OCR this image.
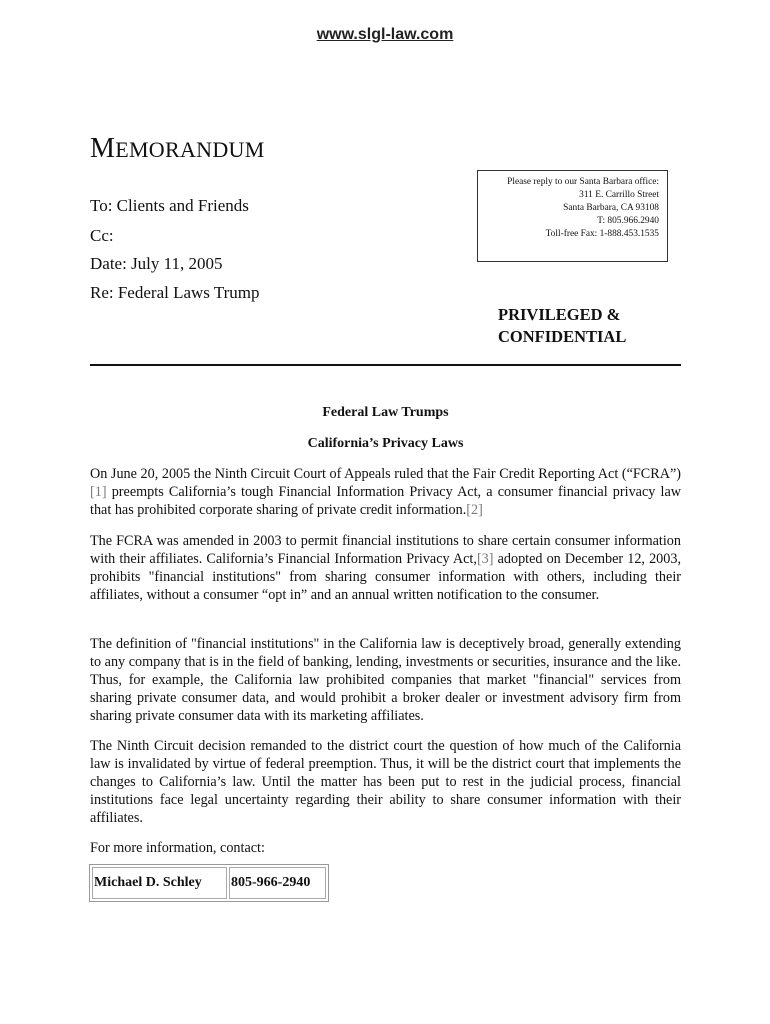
www.slgl-law.com
MEMORANDUM
To: Clients and Friends
Cc:
Date: July 11, 2005
Re: Federal Laws Trump
Please reply to our Santa Barbara office:
311 E. Carrillo Street
Santa Barbara, CA 93108
T: 805.966.2940
Toll-free Fax: 1-888.453.1535
PRIVILEGED &
CONFIDENTIAL
Federal Law Trumps
California’s Privacy Laws
On June 20, 2005 the Ninth Circuit Court of Appeals ruled that the Fair Credit Reporting Act (“FCRA”)[1] preempts California’s tough Financial Information Privacy Act, a consumer financial privacy law that has prohibited corporate sharing of private credit information.[2]
The FCRA was amended in 2003 to permit financial institutions to share certain consumer information with their affiliates. California’s Financial Information Privacy Act,[3] adopted on December 12, 2003, prohibits "financial institutions" from sharing consumer information with others, including their affiliates, without a consumer “opt in” and an annual written notification to the consumer.
The definition of "financial institutions" in the California law is deceptively broad, generally extending to any company that is in the field of banking, lending, investments or securities, insurance and the like. Thus, for example, the California law prohibited companies that market "financial" services from sharing private consumer data, and would prohibit a broker dealer or investment advisory firm from sharing private consumer data with its marketing affiliates.
The Ninth Circuit decision remanded to the district court the question of how much of the California law is invalidated by virtue of federal preemption. Thus, it will be the district court that implements the changes to California’s law. Until the matter has been put to rest in the judicial process, financial institutions face legal uncertainty regarding their ability to share consumer information with their affiliates.
For more information, contact:
Michael D. Schley	805-966-2940
